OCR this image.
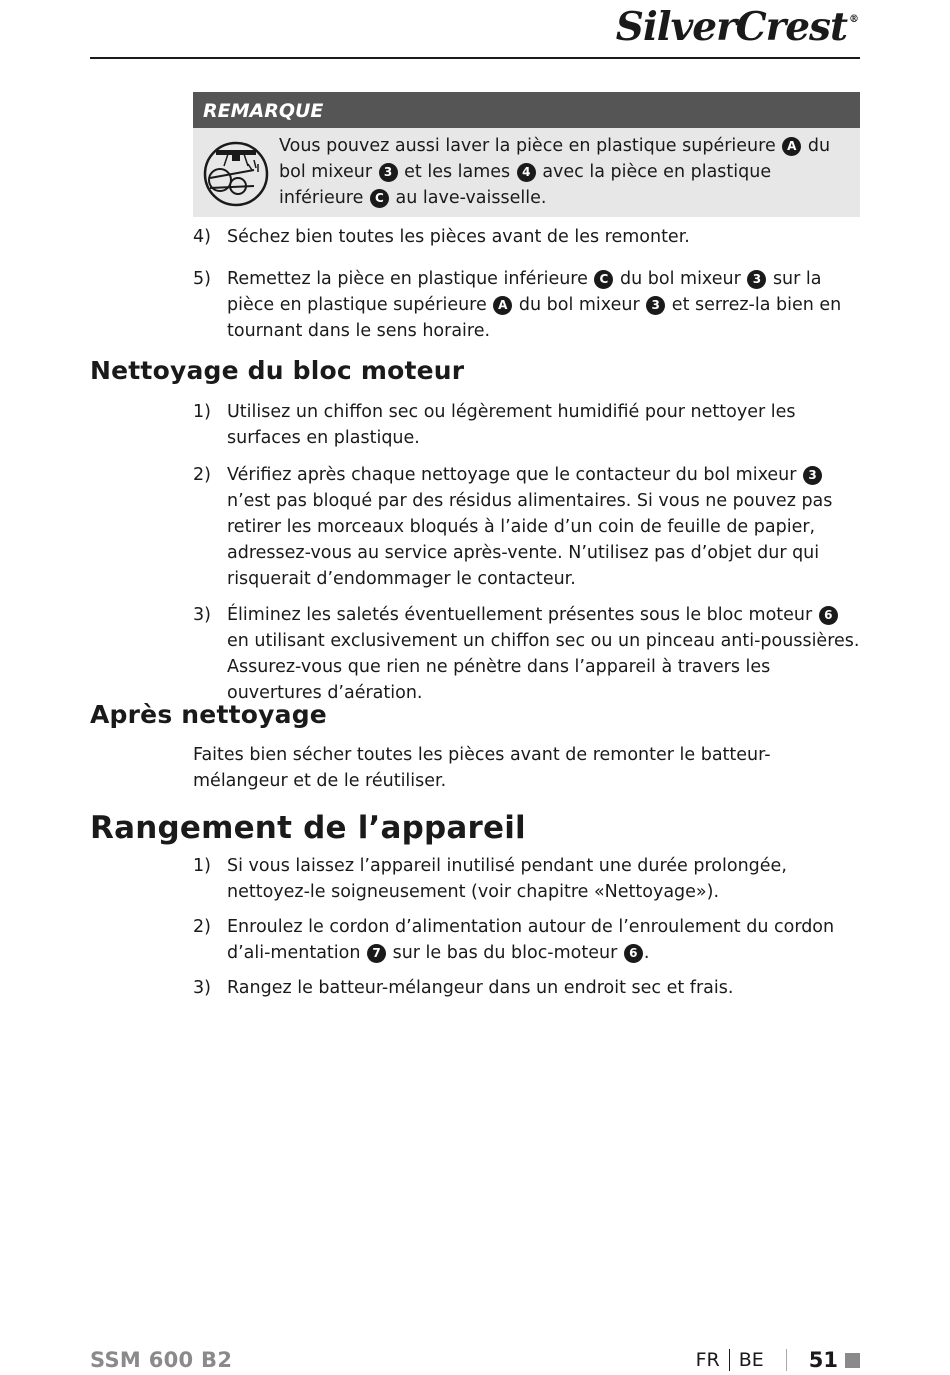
SilverCrest ®
REMARQUE
Vous pouvez aussi laver la pièce en plastique supérieure A du bol mixeur 3 et les lames 4 avec la pièce en plastique inférieure C au lave-vaisselle.
4) Séchez bien toutes les pièces avant de les remonter.
5) Remettez la pièce en plastique inférieure C du bol mixeur 3 sur la pièce en plastique supérieure A du bol mixeur 3 et serrez-la bien en tournant dans le sens horaire.
Nettoyage du bloc moteur
1) Utilisez un chiffon sec ou légèrement humidifié pour nettoyer les surfaces en plastique.
2) Vérifiez après chaque nettoyage que le contacteur du bol mixeur 3 n’est pas bloqué par des résidus alimentaires. Si vous ne pouvez pas retirer les morceaux bloqués à l’aide d’un coin de feuille de papier, adressez-vous au service après-vente. N’utilisez pas d’objet dur qui risquerait d’endommager le contacteur.
3) Éliminez les saletés éventuellement présentes sous le bloc moteur 6 en utilisant exclusivement un chiffon sec ou un pinceau anti-poussières. Assurez-vous que rien ne pénètre dans l’appareil à travers les ouvertures d’aération.
Après nettoyage
Faites bien sécher toutes les pièces avant de remonter le batteur-mélangeur et de le réutiliser.
Rangement de l’appareil
1) Si vous laissez l’appareil inutilisé pendant une durée prolongée, nettoyez-le soigneusement (voir chapitre «Nettoyage»).
2) Enroulez le cordon d’alimentation autour de l’enroulement du cordon d’ali-mentation 7 sur le bas du bloc-moteur 6 .
3) Rangez le batteur-mélangeur dans un endroit sec et frais.
SSM 600 B2	FR BE 51
